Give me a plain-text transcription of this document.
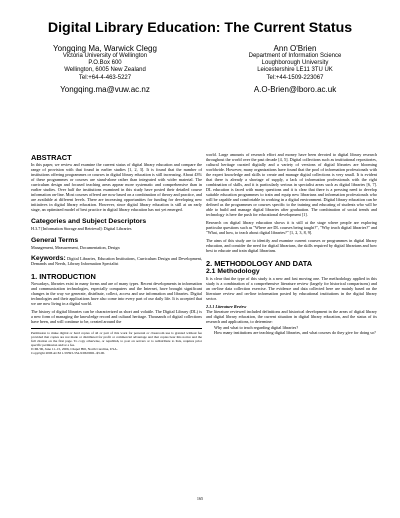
Digital Library Education: The Current Status
Yongqing Ma, Warwick Clegg
Victoria University of Wellington
P.O.Box 600
Wellington, 6005 New Zealand
Tel:+64-4-463-5227
Yongqing.ma@vuw.ac.nz
Ann O'Brien
Department of Information Science
Loughborough University
Leicestershire LE11 3TU UK
Tel:+44-1509-223067
A.O-Brien@lboro.ac.uk
ABSTRACT

In this paper, we review and examine the current status of digital library education and compare the range of provision with that found in earlier studies [1, 2, 3]. It is found that the number of institutions offering programmes or courses in digital library education is still increasing. About 43% of these programmes or courses are stand-alone rather than integrated with wider material. The curriculum design and focused teaching areas appear more systematic and comprehensive than in earlier studies. Over half the institutions examined in this study have posted their detailed course information on-line. Most courses offered are now based on a combination of theory and practice, and are available at different levels. There are increasing opportunities for funding for developing new initiatives in digital library education. However, since digital library education is still at an early stage, an optimized model of best practice in digital library education has not yet emerged.

Categories and Subject Descriptors

H.3.7 [Information Storage and Retrieval]: Digital Libraries

General Terms

Management, Measurement, Documentation, Design

Keywords: Digital Libraries, Education Institutions, Curriculum Design and Development, Demands and Needs, Library Information Specialist

1. INTRODUCTION

Nowadays, libraries exist in many forms and are of many types. Recent developments in information and communication technologies, especially computers and the Internet, have brought significant changes in the way we generate, distribute, collect, access and use information and libraries. Digital technologies and their applications have also come into every part of our daily life. It is accepted that we are now living in a digital world.

The history of digital libraries can be characterized as short and volatile. The Digital Library (DL) is a new form of managing the knowledge record and cultural heritage. Thousands of digital collections have been, and will continue to be, created around the

Permission to make digital or hard copies of all or part of this work for personal or classroom use is granted without fee provided that copies are not made or distributed for profit or commercial advantage and that copies bear this notice and the full citation on the first page. To copy otherwise, or republish, to post on servers or to redistribute to lists, requires prior specific permission and/or a fee.

JCDL'06, June 11–15, 2006, Chapel Hill, North Carolina, USA.

Copyright 2006 ACM 1-59593-354-9/06/0006...$5.00.

world. Large amounts of research effort and money have been devoted to digital library research throughout the world over the past decade [4, 5]. Digital collections such as institutional repositories, cultural heritage curated digitally and a variety of versions of digital libraries are blooming worldwide. However, many organizations have found that the pool of information professionals with the expert knowledge and skills to create and manage digital collections is very small. It is evident that there is already a shortage of supply, a lack of information professionals with the right combination of skills, and it is particularly serious in specialist areas such as digital libraries [6, 7]. DL education is faced with many questions and it is clear that there is a pressing need to develop suitable education programmes to train and equip new librarians and information professionals who will be capable and comfortable in working in a digital environment. Digital library education can be defined as the programmes or courses specific to the training and educating of students who will be able to build and manage digital libraries after graduation. The combination of social trends and technology is here the push for educational development [1].

Research on digital library education shows it is still at the stage where people are exploring particular questions such as "Where are DL courses being taught?", "Why teach digital libraries?" and "What, and how, to teach about digital libraries?" [1, 2, 3, 8, 9].

The aims of this study are to identify and examine current courses or programmes in digital library education, and consider the need for digital librarians, the skills required by digital librarians and how best to educate and train digital librarians.

2. METHODOLOGY AND DATA
2.1 Methodology

It is clear that the type of this study is a new and fast moving one. The methodology applied in this study is a combination of a comprehensive literature review (largely for historical comparisons) and an on-line data collection exercise. The evidence and data collected here are mainly based on the literature review and on-line information posted by educational institutions in the digital library sector.

2.1.1 Literature Review

The literature reviewed included definitions and historical development in the areas of digital library and digital library education, the current situation in digital library education, and the status of its research and applications, to determine:

• Why and what to teach regarding digital libraries?
• How many institutions are teaching digital libraries, and what courses do they give for doing so?
165
